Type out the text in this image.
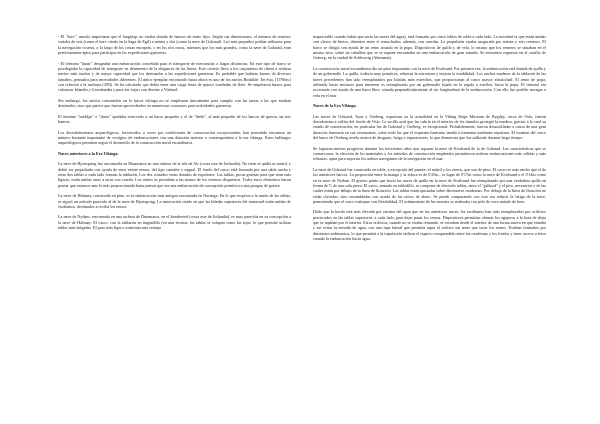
- El "karv", mucho importante que el langskip, no estaba dotado de bancos de remo fijos. Según sus dimensiones, el número de remeros variaba de seis (como el karv citado en la Saga de Egil) a treinta y dos (como la nave de Gokstad). Los más pequeños podían utilizarse para la navegación costera, a lo largo de las costas europeas, o en los ríos rusos, mientras que los más grandes, como la nave de Gokstad, eran perfectamente aptos para participar en las expediciones guerreras.

- El término "knarr" designaba una embarcación concebida para el transporte de mercancías a largas distancias. En este tipo de barco se privilegiaba la capacidad de transporte en detrimento de la elegancia de las líneas. Este criterio llevó a los carpinteros de ribera a realizar navíos más anchos y de mayor capacidad que los destinados a las expediciones guerreras. Es probable que hubiera knarrs de diversos tamaños, pensados para necesidades diferentes. El único ejemplar encontrado hasta ahora es uno de los navíos Roskilde. En ésta, (15'90m.) con relación a la anchura (4'80). Se ha calculado que debía tener una carga bruta de quince toneladas de flete. Se emplearon knarrs para colonizar Islandia y Groenlandia y para los viajes con destino a Vinland.

Sin embargo, los navíos construidos en la época vikinga no se emplearon únicamente para cumplir con las tareas a las que estaban destinados, sino que parece que fueron aprovechados en numerosas ocasiones para actividades guerreras.

El término "snekkja" o "skuta" quedaba reservado a un barco pequeño y el de "dreki", al más pequeño de los barcos de guerra, un tres bancos.

Los descubrimientos arqueológicos, favorecidos a veces por condiciones de conservación excepcionales, han permitido encontrar un número bastante importante de vestigios de embarcaciones con una datación anterior o contemporánea a la era vikinga. Estos hallazgos arqueológicos permiten seguir el desarrollo de la construcción naval escandinava.

Naves anteriores a la Era Vikinga.

La nave de Hjortspring fue encontrada en Dinamarca en una turbera de la isla de Als (costa este de Jutlandia). No tiene ni quilla ni mástil, y debió ser propulsada con ayuda de unos veinte remos, del tipo canalete o zagual. El fondo del casco está formado por una tabla ancha y otras dos tablas a cada lado forman la tablazón. Los dos costados están dotados de espolones. Las tablas, pocas gruesas para que sean más ligeras, están unidas unas a otras con cuerda. Los remos se prestaban a las manos de los remeros dispuestos. Todos estos elementos hacen pensar que estamos ante la más proporcionada hasta pensar que era una embarcación de concepción primitiva a una piragua de guerra.

La nave de Halsnøy, construida en pino, es la embarcación más antigua encontrada en Noruega. En lo que respecta a la unión de las tablas, se siguió un método parecido al de la nave de Hjortspring. La innovación reside en que las hiladas superiores del tranacrail están unidas de escálamos, destinados a recibir los remos.

La nave de Nydam, encontrada en una turbera de Dinamarca, en el Sønderved (costa este de Jutlandia), es muy parecida en su concepción a la nave de Halsnøy. El casco, con la tablazón en tingladillo (en una técnica, las tablas se solapan como las tejas, lo que permite utilizar tablas más delgadas. El paso más ligero constituía una ventaja

inapreciable cuando había que sacar las naves del agua), está formado por cinco tablas de roble a cada lado. La novedad es que están unidas con clavos de hierro, disientes entre sí remachados, además, con cuerdas. La propulsión estaba asegurada por treinta y seis remeros. El barco se dirigía con ayuda de un remo situado en la popa. Dispositivos de quilla y de vela, lo mismo que los remeros se situaban en el mismo sitio, sobre un caballete que se se supone encontraba en una embarcación de gran tamaño. Se encuentra expuesto en el castillo de Gottorp, en la ciudad de Schleswig (Alemania).

La construcción naval escandinava dio un paso importante con la nave de Kvalsund. Por primera vez, la embarcación está dotada de quilla y de un gobernalle. La quilla, todavía muy primitiva, refuerza la estructura y mejora la estabilidad. Los anchos maderos de la tablazón de las naves precedentes han sido reemplazados por hiladas más estrechas, que proporcionan al casco mayor elasticidad. El remo de popa, utilizado hasta entonces para timonear es reemplazado por un gobernalle fijado en la regala a estribor, hacia la popa. El timonel era accionado con ayuda de una barra libre, situada perpendicularmente al eje longitudinal de la embarcación. Con ello fue posible navegar a vela en el mar.

Naves de la Era Vikinga.

Las naves de Gokstad, Tune y Oseberg, expuestas en la actualidad en la Viking Ships Museum de Bygdøy, cerca de Oslo, fueron descubiertas a orillas del fiordo de Oslo. La arcilla azul que las cubría en el interior de los túmulos protegió la madera, gracias a lo cual su estado de conservación, en particular las de Gokstad y Oseberg, es excepcional. Probablemente, fueron desarrolladas a causa de una gran duración funeraria en sus ceremonias, sobre todo las que el esquema funerario tendía a fomentar mediante sepultura. El examen del casco del barco de Oseberg revela rastros de desgaste, fatiga y reparaciones, lo que demuestra que fue utilizado durante largo tiempo.

Se lograron nuevos progresos durante los trescientos años que separan la nave de Kvalsund de la de Gokstad. Las características que se conservaron, la elección de los materiales y los métodos de construcción empleados permitieron realizar embarcaciones más sólidas y más robustas, aptas para soportar los arduos navegantes de la navegación en el mar.

La nave de Gokstad fue construida en roble, a excepción del puente, el mástil y los remos, que son de pino. El casco es más ancho que el de los anteriores barcos. La proporción entre la manga y la eslora es de 0'25m., es lugar de 0'17m como la nave de Kvalsund o el 0'14m como en la nave de Nydam. El grueso punto que hacía las naves de quilla en la nave de Kvalsund fue reemplazado por una verdadera quilla en forma de T, de una sola pieza. El casco, armado en tabladillo, se compone de dieciséis tablas, entre el "galbord" y el piso, necesarios y de las cuales están por debajo de la línea de flotación. Las tablas están ajustadas sobre diecinueve cuadernas. Por debajo de la línea de flotación no están clavadas, sino ensambladas con ayuda de las raíces de abeto. Se puede comparando con esto era reducir la fatiga de la nave, permitiendo que el casco trabajase con flexibilidad. El acabamiento de las uniones se realizaba con pelo de vaca untado de brea.

Dado que la borda está más elevada por encima del agua que en las anteriores naves, los escálamos han sido reemplazados por orificios practicados en las tablas superiores, a cada lado, para dejar pasar los remos. Dispositivos permitían obturar los agujeros a la hora de dejar que se tapaban por el interior. Estos orificios, cuando no se estaba remando, se cerraban desde el interior de una forma nueva en que entraba y así evitar la entrada de agua, con una tapa lateral que permitía tapar el orificio sin tener que sacar los remos. Estaban formados por diminutos sedimentos, lo que permitía a la tripulación utilizar el espacio comprendido entre las cuadernas y los fondos y tener acceso a éstos cuando la embarcación hacía agua.
